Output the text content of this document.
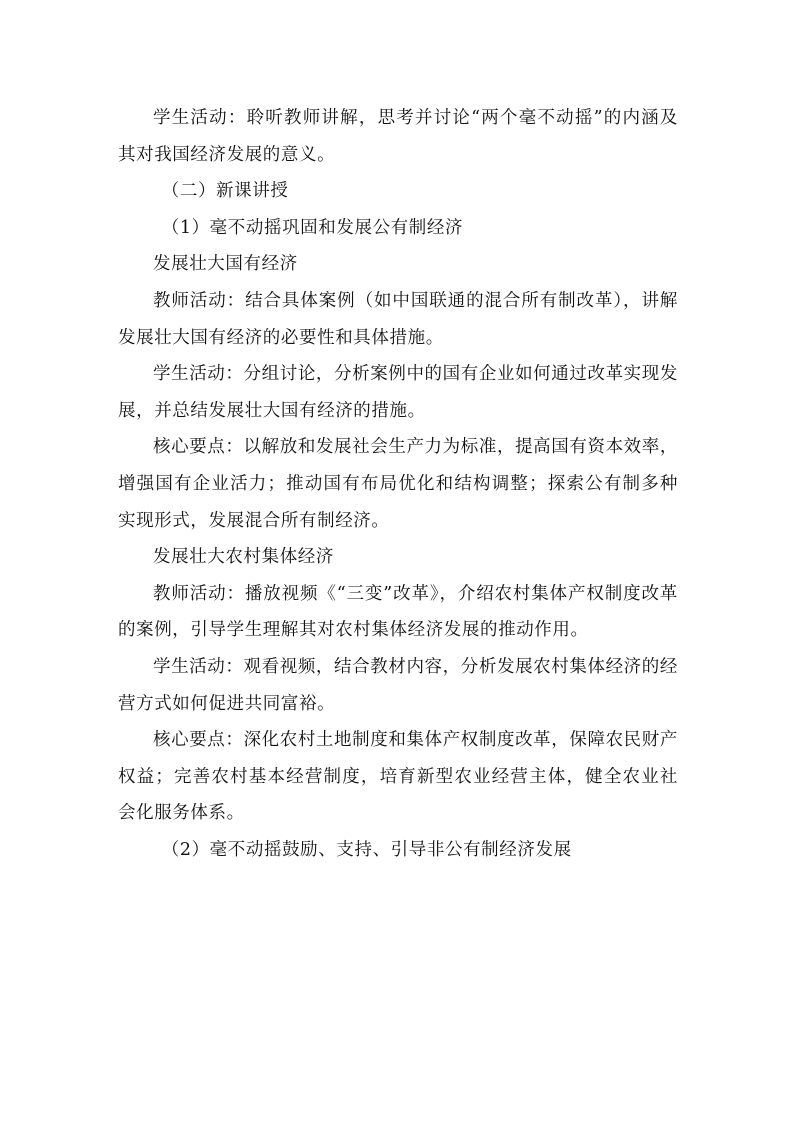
学生活动：聆听教师讲解，思考并讨论“两个毫不动摇”的内涵及其对我国经济发展的意义。

（二）新课讲授

（1）毫不动摇巩固和发展公有制经济

发展壮大国有经济

教师活动：结合具体案例（如中国联通的混合所有制改革），讲解发展壮大国有经济的必要性和具体措施。

学生活动：分组讨论，分析案例中的国有企业如何通过改革实现发展，并总结发展壮大国有经济的措施。

核心要点：以解放和发展社会生产力为标准，提高国有资本效率，增强国有企业活力；推动国有布局优化和结构调整；探索公有制多种实现形式，发展混合所有制经济。

发展壮大农村集体经济

教师活动：播放视频《“三变”改革》，介绍农村集体产权制度改革的案例，引导学生理解其对农村集体经济发展的推动作用。

学生活动：观看视频，结合教材内容，分析发展农村集体经济的经营方式如何促进共同富裕。

核心要点：深化农村土地制度和集体产权制度改革，保障农民财产权益；完善农村基本经营制度，培育新型农业经营主体，健全农业社会化服务体系。

（2）毫不动摇鼓励、支持、引导非公有制经济发展
